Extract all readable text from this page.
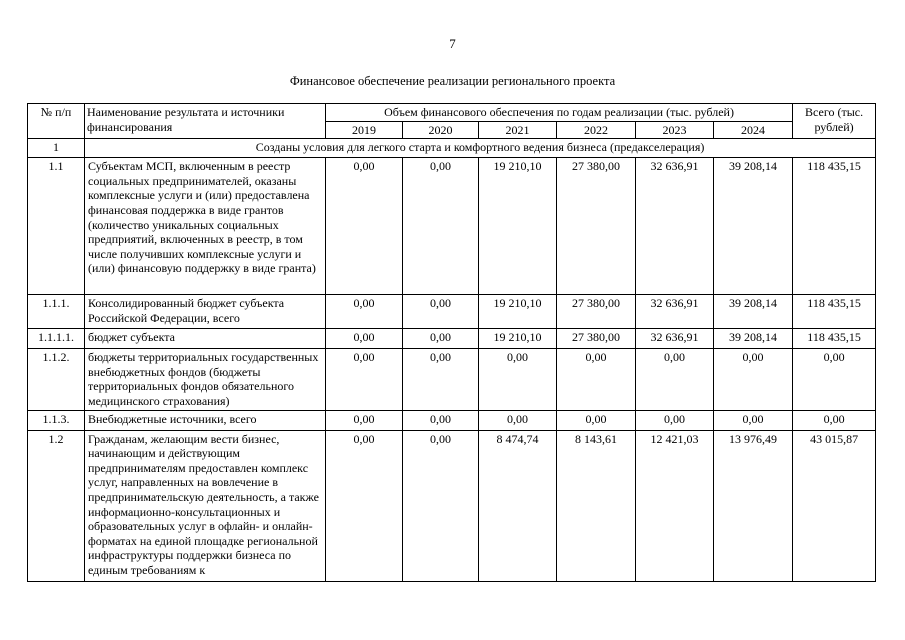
7
Финансовое обеспечение реализации регионального проекта
№ п/п	Наименование результата и источники финансирования	Объем финансового обеспечения по годам реализации (тыс. рублей)						Всего (тыс. рублей)
		2019	2020	2021	2022	2023	2024	
1	Созданы условия для легкого старта и комфортного ведения бизнеса (предакселерация)							
1.1	Субъектам МСП, включенным в реестр социальных предпринимателей, оказаны комплексные услуги и (или) предоставлена финансовая поддержка в виде грантов (количество уникальных социальных предприятий, включенных в реестр, в том числе получивших комплексные услуги и (или) финансовую поддержку в виде гранта)	0,00	0,00	19 210,10	27 380,00	32 636,91	39 208,14	118 435,15
1.1.1.	Консолидированный бюджет субъекта Российской Федерации, всего	0,00	0,00	19 210,10	27 380,00	32 636,91	39 208,14	118 435,15
1.1.1.1.	бюджет субъекта	0,00	0,00	19 210,10	27 380,00	32 636,91	39 208,14	118 435,15
1.1.2.	бюджеты территориальных государственных внебюджетных фондов (бюджеты территориальных фондов обязательного медицинского страхования)	0,00	0,00	0,00	0,00	0,00	0,00	0,00
1.1.3.	Внебюджетные источники, всего	0,00	0,00	0,00	0,00	0,00	0,00	0,00
1.2	Гражданам, желающим вести бизнес, начинающим и действующим предпринимателям предоставлен комплекс услуг, направленных на вовлечение в предпринимательскую деятельность, а также информационно-консультационных и образовательных услуг в офлайн- и онлайн- форматах на единой площадке региональной инфраструктуры поддержки бизнеса по единым требованиям к	0,00	0,00	8 474,74	8 143,61	12 421,03	13 976,49	43 015,87
